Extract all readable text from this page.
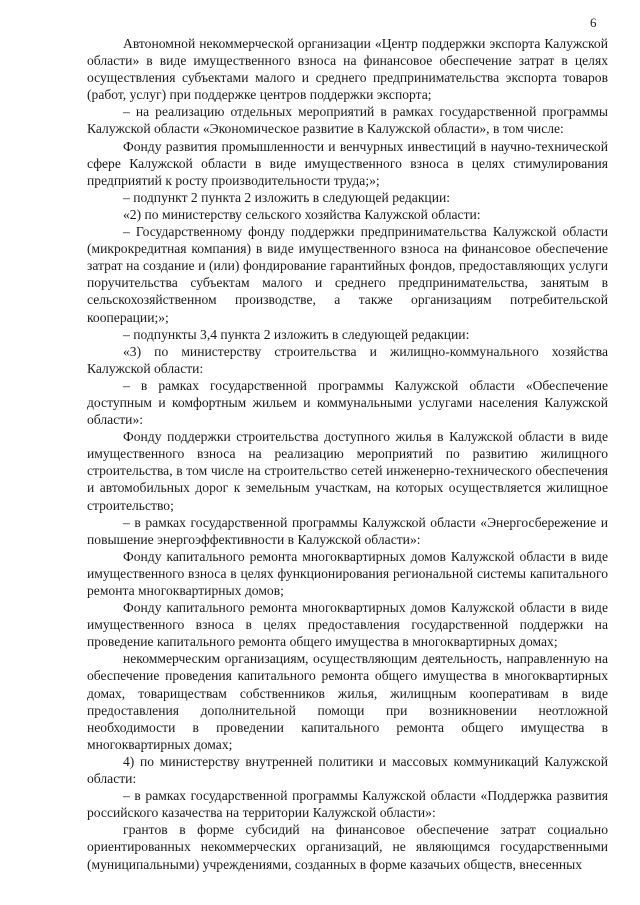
6

Автономной некоммерческой организации «Центр поддержки экспорта Калужской области» в виде имущественного взноса на финансовое обеспечение затрат в целях осуществления субъектами малого и среднего предпринимательства экспорта товаров (работ, услуг) при поддержке центров поддержки экспорта;

– на реализацию отдельных мероприятий в рамках государственной программы Калужской области «Экономическое развитие в Калужской области», в том числе:

Фонду развития промышленности и венчурных инвестиций в научно-технической сфере Калужской области в виде имущественного взноса в целях стимулирования предприятий к росту производительности труда;»;

– подпункт 2 пункта 2 изложить в следующей редакции:

«2) по министерству сельского хозяйства Калужской области:

– Государственному фонду поддержки предпринимательства Калужской области (микрокредитная компания) в виде имущественного взноса на финансовое обеспечение затрат на создание и (или) фондирование гарантийных фондов, предоставляющих услуги поручительства субъектам малого и среднего предпринимательства, занятым в сельскохозяйственном производстве, а также организациям потребительской кооперации;»;

– подпункты 3,4 пункта 2 изложить в следующей редакции:

«3) по министерству строительства и жилищно-коммунального хозяйства Калужской области:

– в рамках государственной программы Калужской области «Обеспечение доступным и комфортным жильем и коммунальными услугами населения Калужской области»:

Фонду поддержки строительства доступного жилья в Калужской области в виде имущественного взноса на реализацию мероприятий по развитию жилищного строительства, в том числе на строительство сетей инженерно-технического обеспечения и автомобильных дорог к земельным участкам, на которых осуществляется жилищное строительство;

– в рамках государственной программы Калужской области «Энергосбережение и повышение энергоэффективности в Калужской области»:

Фонду капитального ремонта многоквартирных домов Калужской области в виде имущественного взноса в целях функционирования региональной системы капитального ремонта многоквартирных домов;

Фонду капитального ремонта многоквартирных домов Калужской области в виде имущественного взноса в целях предоставления государственной поддержки на проведение капитального ремонта общего имущества в многоквартирных домах;

некоммерческим организациям, осуществляющим деятельность, направленную на обеспечение проведения капитального ремонта общего имущества в многоквартирных домах, товариществам собственников жилья, жилищным кооперативам в виде предоставления дополнительной помощи при возникновении неотложной необходимости в проведении капитального ремонта общего имущества в многоквартирных домах;

4) по министерству внутренней политики и массовых коммуникаций Калужской области:

– в рамках государственной программы Калужской области «Поддержка развития российского казачества на территории Калужской области»:

грантов в форме субсидий на финансовое обеспечение затрат социально ориентированных некоммерческих организаций, не являющимся государственными (муниципальными) учреждениями, созданных в форме казачьих обществ, внесенных
